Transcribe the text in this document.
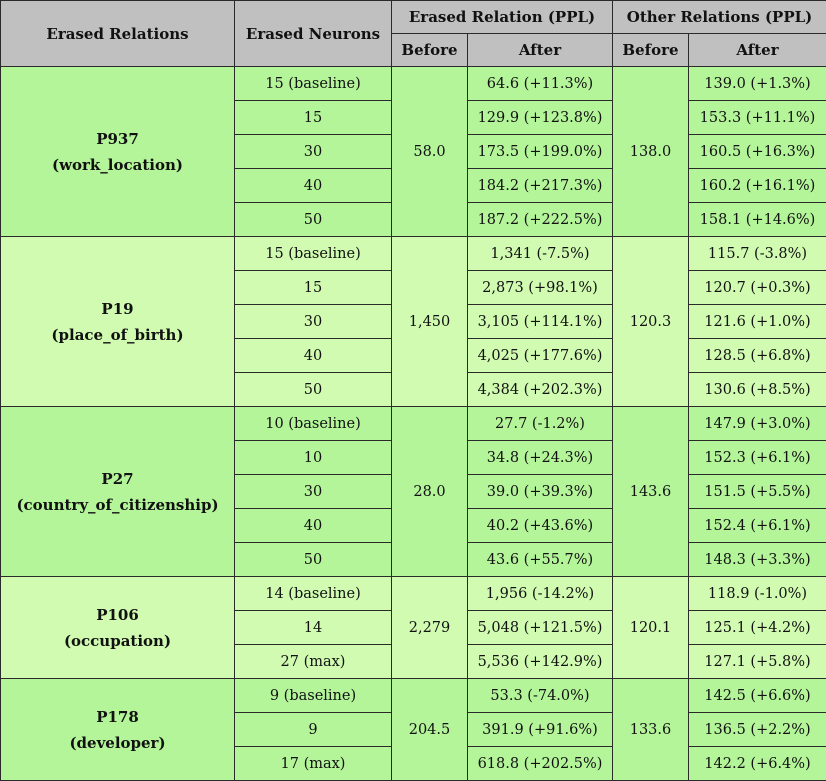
Erased Relations	Erased Neurons	Erased Relation (PPL)		Other Relations (PPL)	
		Before	After	Before	After

P937
(work_location)	15 (baseline)	58.0	64.6 (+11.3%)	138.0	139.0 (+1.3%)
	15		129.9 (+123.8%)		153.3 (+11.1%)
	30		173.5 (+199.0%)		160.5 (+16.3%)
	40		184.2 (+217.3%)		160.2 (+16.1%)
	50		187.2 (+222.5%)		158.1 (+14.6%)

P19
(place_of_birth)	15 (baseline)	1,450	1,341 (-7.5%)	120.3	115.7 (-3.8%)
	15		2,873 (+98.1%)		120.7 (+0.3%)
	30		3,105 (+114.1%)		121.6 (+1.0%)
	40		4,025 (+177.6%)		128.5 (+6.8%)
	50		4,384 (+202.3%)		130.6 (+8.5%)

P27
(country_of_citizenship)	10 (baseline)	28.0	27.7 (-1.2%)	143.6	147.9 (+3.0%)
	10		34.8 (+24.3%)		152.3 (+6.1%)
	30		39.0 (+39.3%)		151.5 (+5.5%)
	40		40.2 (+43.6%)		152.4 (+6.1%)
	50		43.6 (+55.7%)		148.3 (+3.3%)

P106
(occupation)	14 (baseline)	2,279	1,956 (-14.2%)	120.1	118.9 (-1.0%)
	14		5,048 (+121.5%)		125.1 (+4.2%)
	27 (max)		5,536 (+142.9%)		127.1 (+5.8%)

P178
(developer)	9 (baseline)	204.5	53.3 (-74.0%)	133.6	142.5 (+6.6%)
	9		391.9 (+91.6%)		136.5 (+2.2%)
	17 (max)		618.8 (+202.5%)		142.2 (+6.4%)
